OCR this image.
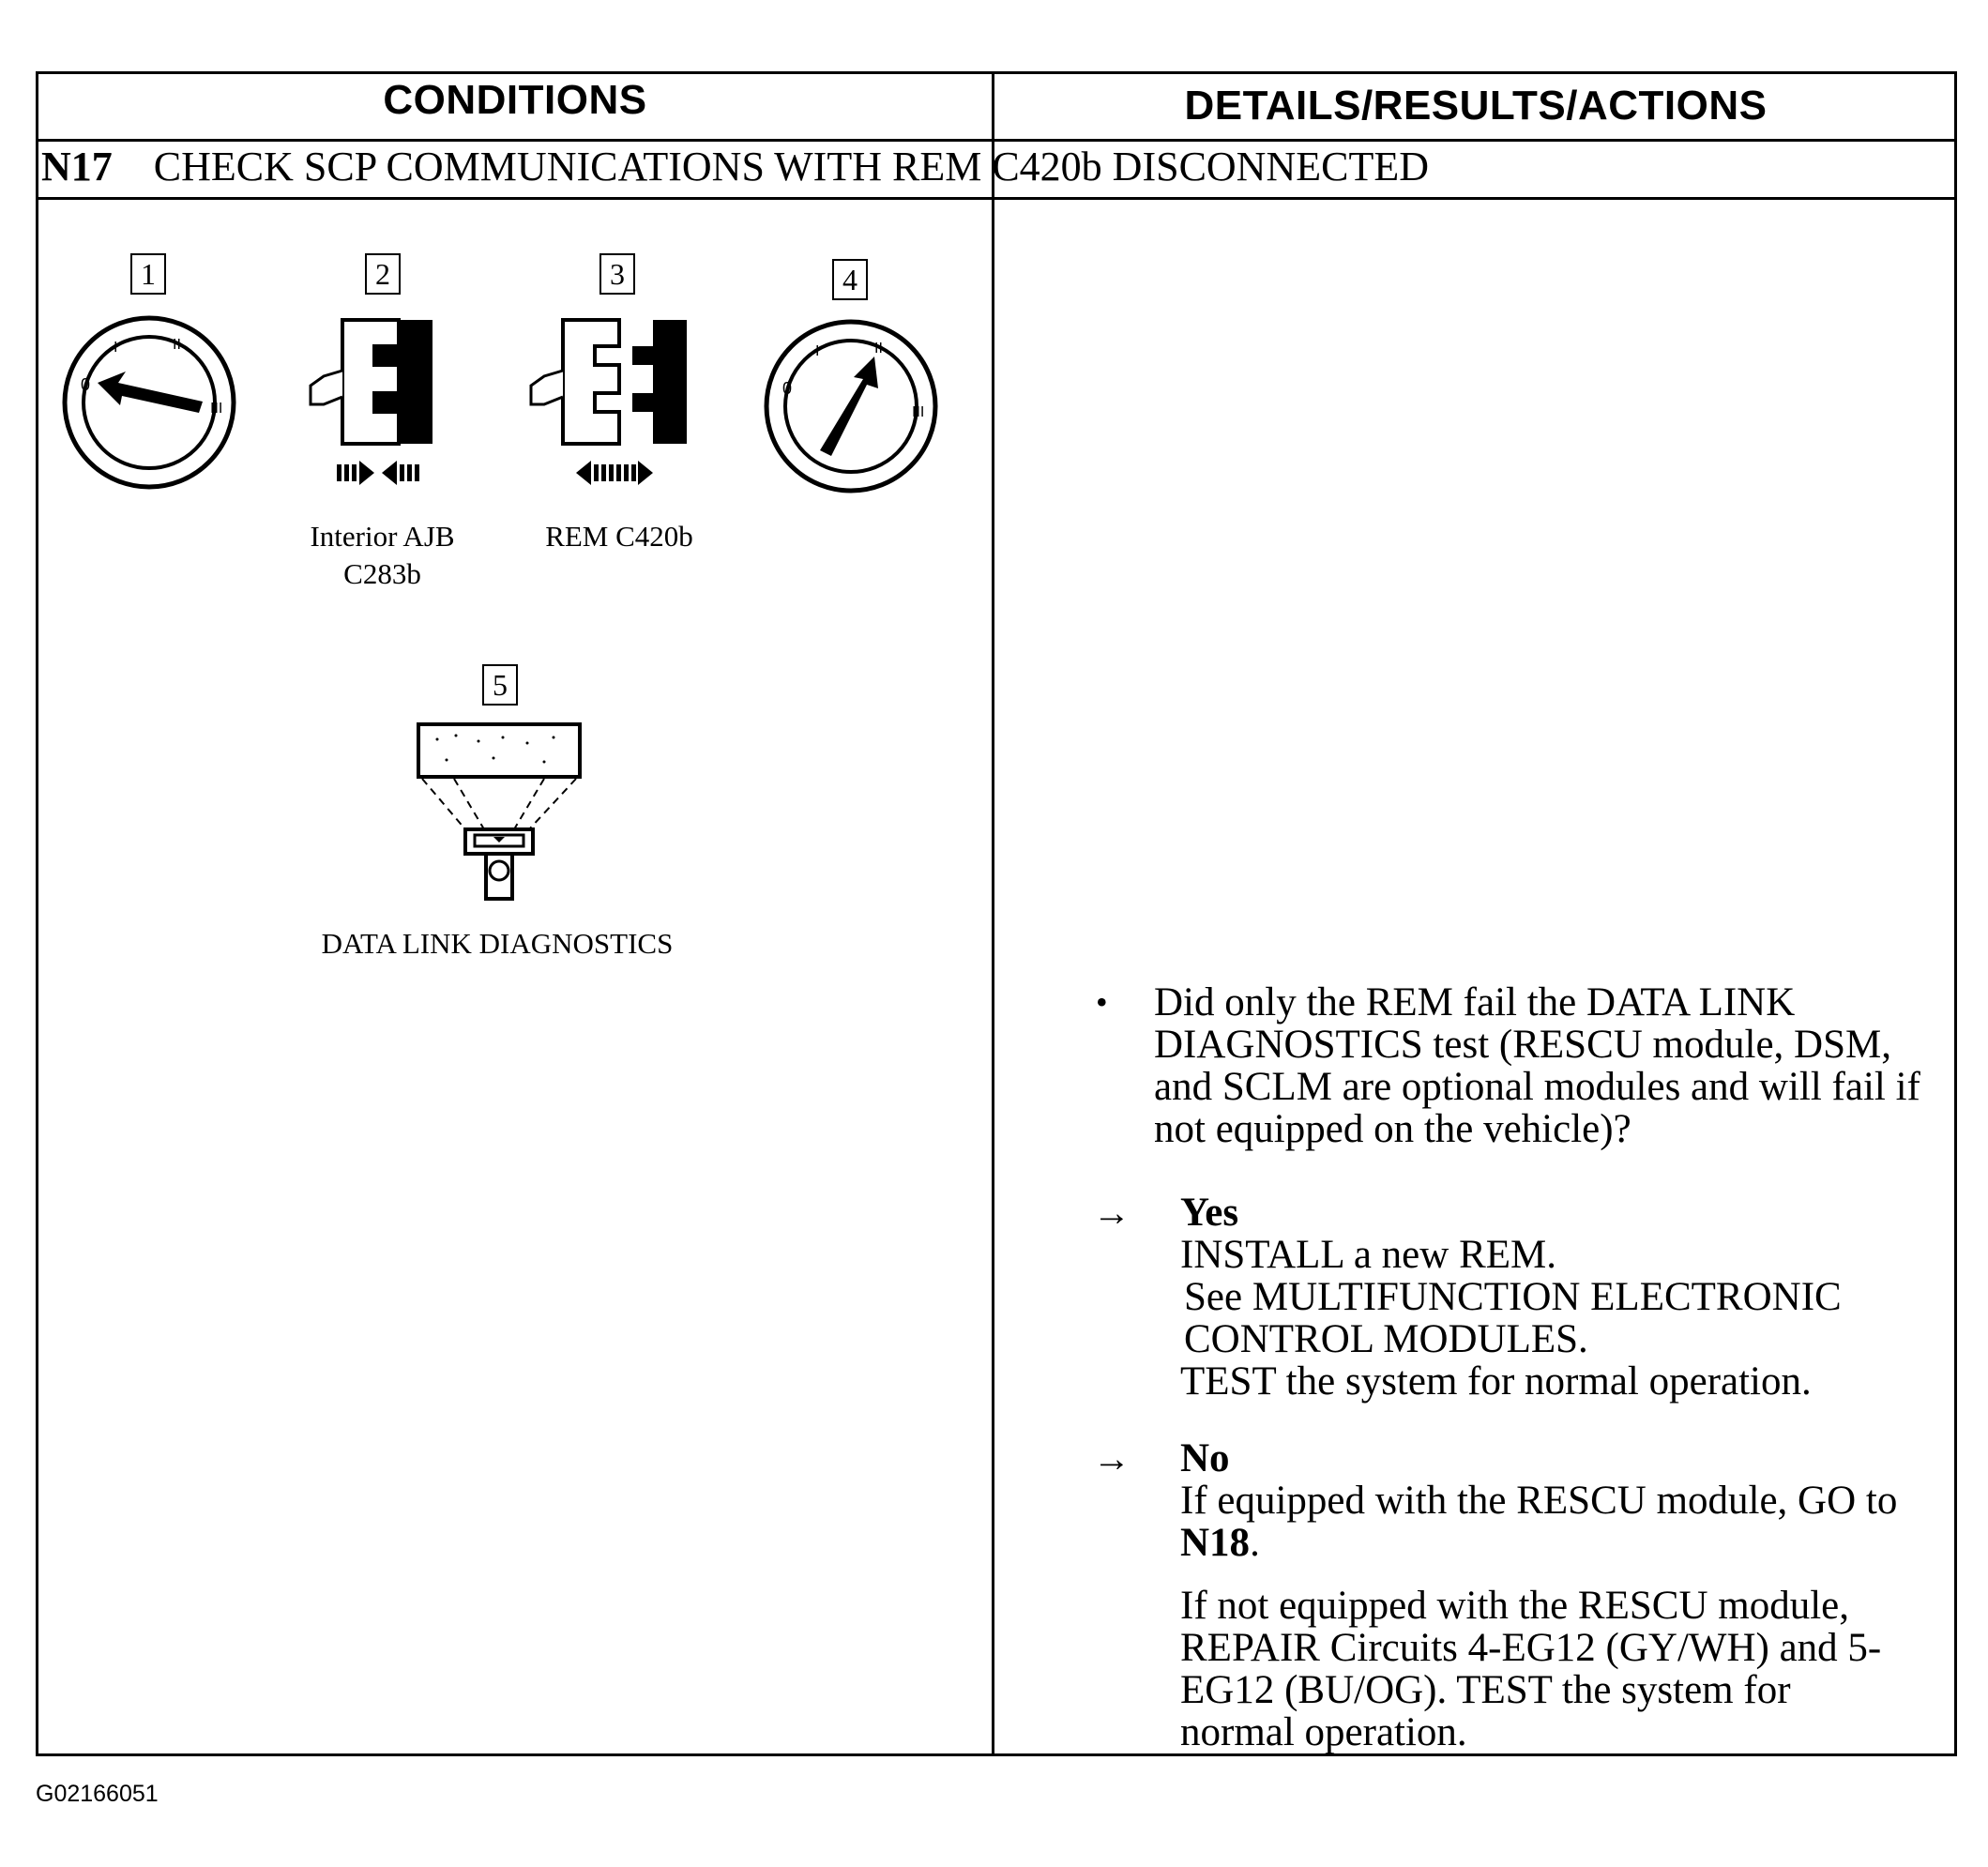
CONDITIONS	DETAILS/RESULTS/ACTIONS
N17 CHECK SCP COMMUNICATIONS WITH REM C420b DISCONNECTED
1
0
I	II
III
2
Interior AJB
C283b
3
REM C420b
4
0
I	II
III
5
DATA LINK DIAGNOSTICS
• Did only the REM fail the DATA LINK DIAGNOSTICS test (RESCU module, DSM, and SCLM are optional modules and will fail if not equipped on the vehicle)?
→ Yes
INSTALL a new REM.
See MULTIFUNCTION ELECTRONIC CONTROL MODULES.
TEST the system for normal operation.
→ No
If equipped with the RESCU module, GO to N18.
If not equipped with the RESCU module, REPAIR Circuits 4-EG12 (GY/WH) and 5-EG12 (BU/OG). TEST the system for normal operation.
G02166051
